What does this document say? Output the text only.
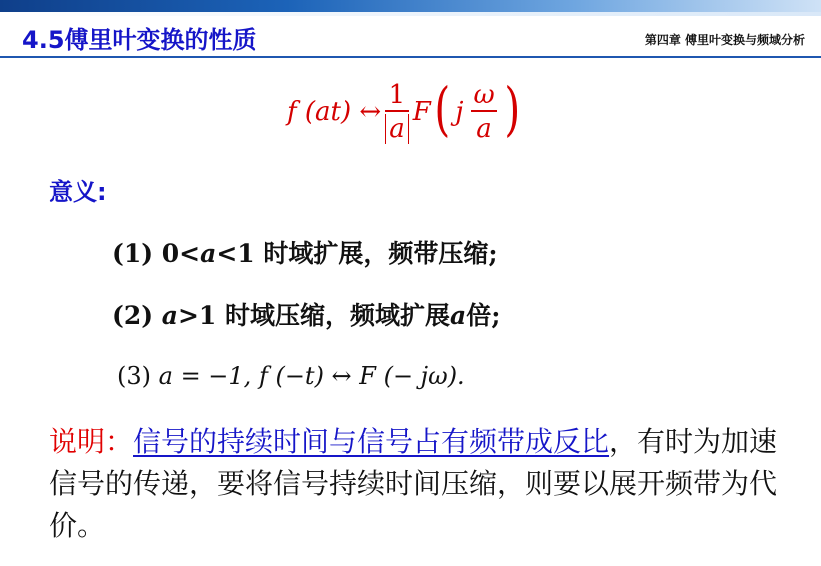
4.5傅里叶变换的性质	第四章 傅里叶变换与频域分析
f (at) ↔ $\frac{1}{a}$ F ( j $\frac{\omega}{a}$ )
意义:
(1) 0<a<1 时域扩展，频带压缩;
(2) a>1 时域压缩，频域扩展a倍;
(3) a = −1, f (−t) ↔ F (− jω).
说明：信号的持续时间与信号占有频带成反比，有时为加速信号的传递，要将信号持续时间压缩，则要以展开频带为代价。
